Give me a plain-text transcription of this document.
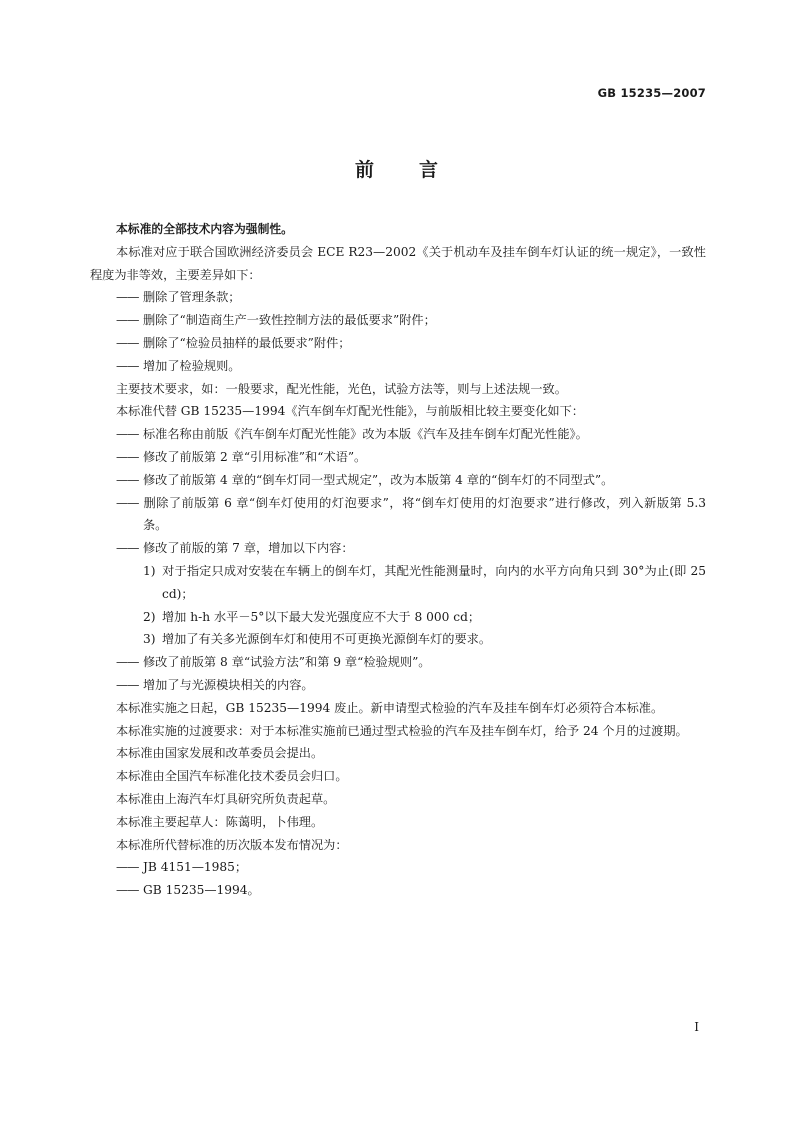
GB 15235—2007
前 言

本标准的全部技术内容为强制性。

本标准对应于联合国欧洲经济委员会 ECE R23—2002《关于机动车及挂车倒车灯认证的统一规定》，一致性程度为非等效，主要差异如下：

—— 删除了管理条款；

—— 删除了“制造商生产一致性控制方法的最低要求”附件；

—— 删除了“检验员抽样的最低要求”附件；

—— 增加了检验规则。

主要技术要求，如：一般要求，配光性能，光色，试验方法等，则与上述法规一致。

本标准代替 GB 15235—1994《汽车倒车灯配光性能》，与前版相比较主要变化如下：

—— 标准名称由前版《汽车倒车灯配光性能》改为本版《汽车及挂车倒车灯配光性能》。

—— 修改了前版第 2 章“引用标准”和“术语”。

—— 修改了前版第 4 章的“倒车灯同一型式规定”，改为本版第 4 章的“倒车灯的不同型式”。

—— 删除了前版第 6 章“倒车灯使用的灯泡要求”，将“倒车灯使用的灯泡要求”进行修改，列入新版第 5.3 条。

—— 修改了前版的第 7 章，增加以下内容：

1) 对于指定只成对安装在车辆上的倒车灯，其配光性能测量时，向内的水平方向角只到 30°为止(即 25 cd)；

2) 增加 h-h 水平－5°以下最大发光强度应不大于 8 000 cd；

3) 增加了有关多光源倒车灯和使用不可更换光源倒车灯的要求。

—— 修改了前版第 8 章“试验方法”和第 9 章“检验规则”。

—— 增加了与光源模块相关的内容。

本标准实施之日起，GB 15235—1994 废止。新申请型式检验的汽车及挂车倒车灯必须符合本标准。

本标准实施的过渡要求：对于本标准实施前已通过型式检验的汽车及挂车倒车灯，给予 24 个月的过渡期。

本标准由国家发展和改革委员会提出。

本标准由全国汽车标准化技术委员会归口。

本标准由上海汽车灯具研究所负责起草。

本标准主要起草人：陈蔼明，卜伟理。

本标准所代替标准的历次版本发布情况为：

—— JB 4151—1985；

—— GB 15235—1994。

I
